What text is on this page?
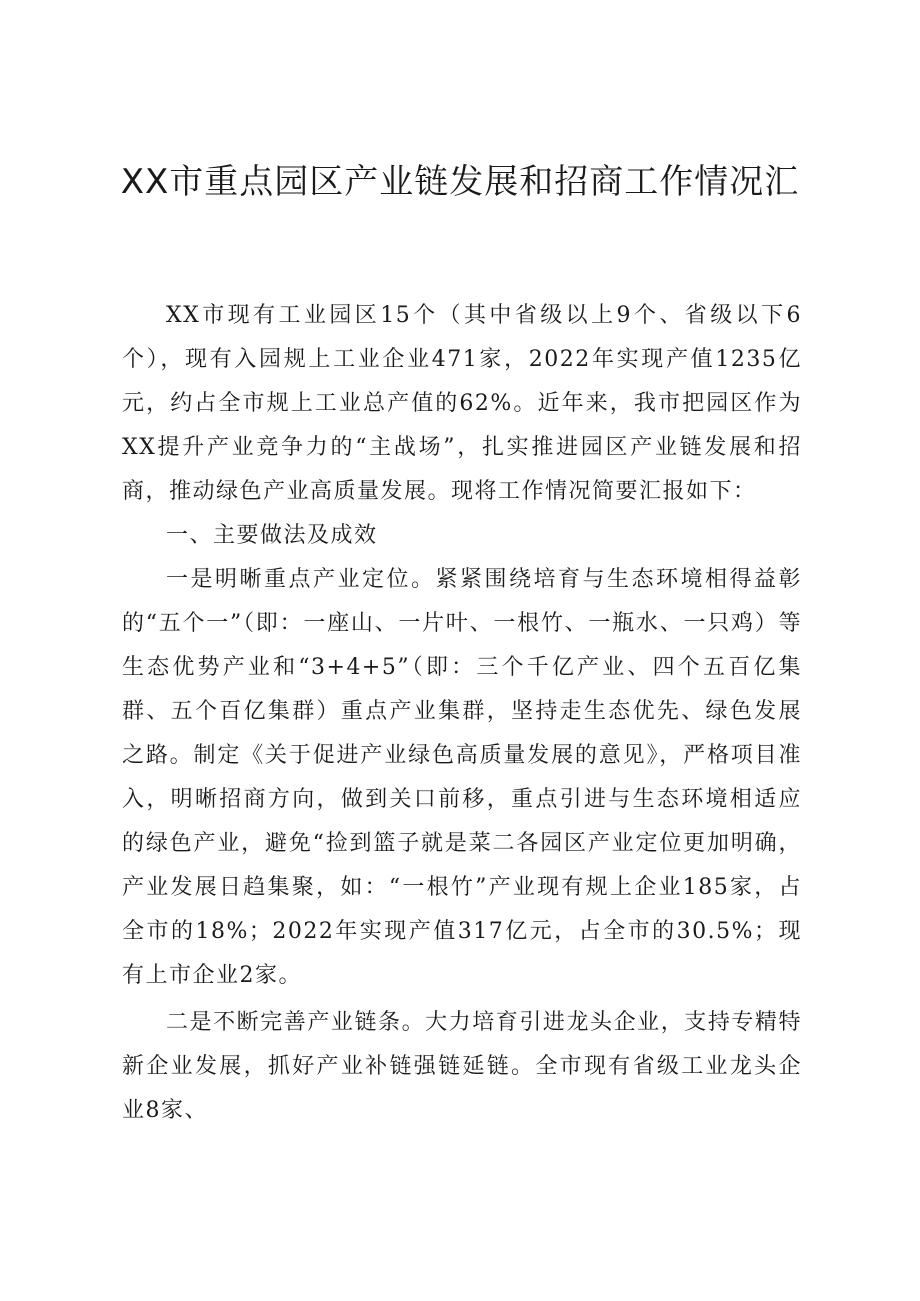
XX市重点园区产业链发展和招商工作情况汇

XX市现有工业园区15个（其中省级以上9个、省级以下6个），现有入园规上工业企业471家，2022年实现产值1235亿元，约占全市规上工业总产值的62%。近年来，我市把园区作为XX提升产业竞争力的“主战场”，扎实推进园区产业链发展和招商，推动绿色产业高质量发展。现将工作情况简要汇报如下：

一、主要做法及成效

一是明晰重点产业定位。紧紧围绕培育与生态环境相得益彰的“五个一”（即：一座山、一片叶、一根竹、一瓶水、一只鸡）等生态优势产业和“3+4+5”（即：三个千亿产业、四个五百亿集群、五个百亿集群）重点产业集群，坚持走生态优先、绿色发展之路。制定《关于促进产业绿色高质量发展的意见》，严格项目准入，明晰招商方向，做到关口前移，重点引进与生态环境相适应的绿色产业，避免“捡到篮子就是菜二各园区产业定位更加明确，产业发展日趋集聚，如：“一根竹”产业现有规上企业185家，占全市的18%；2022年实现产值317亿元，占全市的30.5%；现有上市企业2家。

二是不断完善产业链条。大力培育引进龙头企业，支持专精特新企业发展，抓好产业补链强链延链。全市现有省级工业龙头企业8家、
